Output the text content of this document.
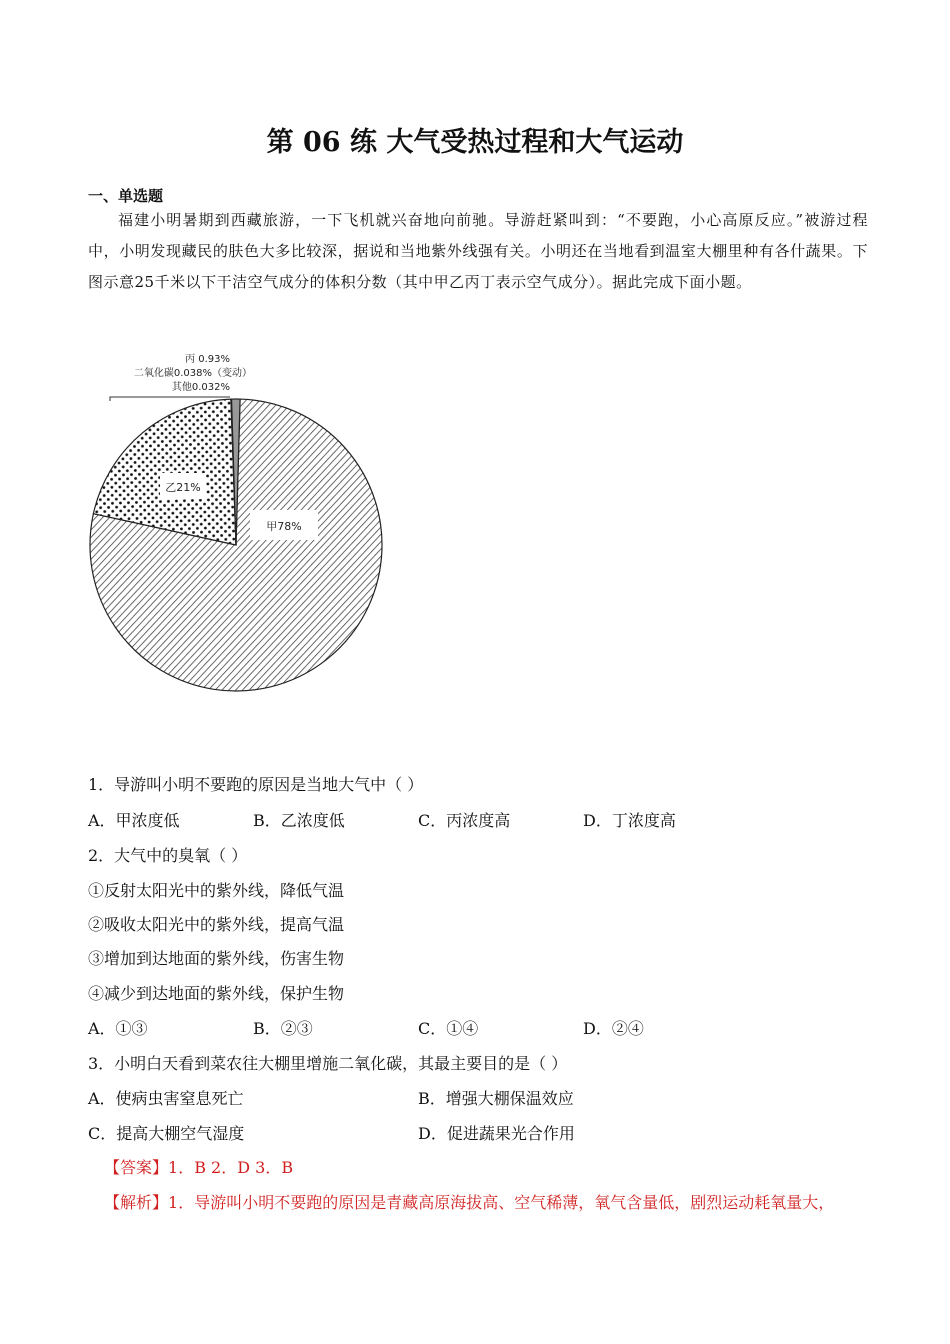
第 06 练 大气受热过程和大气运动
一、单选题

福建小明暑期到西藏旅游，一下飞机就兴奋地向前驰。导游赶紧叫到：“不要跑，小心高原反应。”被游过程中，小明发现藏民的肤色大多比较深，据说和当地紫外线强有关。小明还在当地看到温室大棚里种有各什蔬果。下图示意25千米以下干洁空气成分的体积分数（其中甲乙丙丁表示空气成分）。据此完成下面小题。

丙 0.93%
二氧化碳0.038%（变动）
其他0.032%
甲78%
乙21%
1．导游叫小明不要跑的原因是当地大气中（ ）
A．甲浓度低	B．乙浓度低	C．丙浓度高	D．丁浓度高
2．大气中的臭氧（ ）
①反射太阳光中的紫外线，降低气温
②吸收太阳光中的紫外线，提高气温
③增加到达地面的紫外线，伤害生物
④减少到达地面的紫外线，保护生物
A．①③	B．②③	C．①④	D．②④
3．小明白天看到菜农往大棚里增施二氧化碳，其最主要目的是（ ）
A．使病虫害窒息死亡	B．增强大棚保温效应
C．提高大棚空气湿度	D．促进蔬果光合作用
【答案】1．B 2．D 3．B
【解析】1．导游叫小明不要跑的原因是青藏高原海拔高、空气稀薄，氧气含量低，剧烈运动耗氧量大，
